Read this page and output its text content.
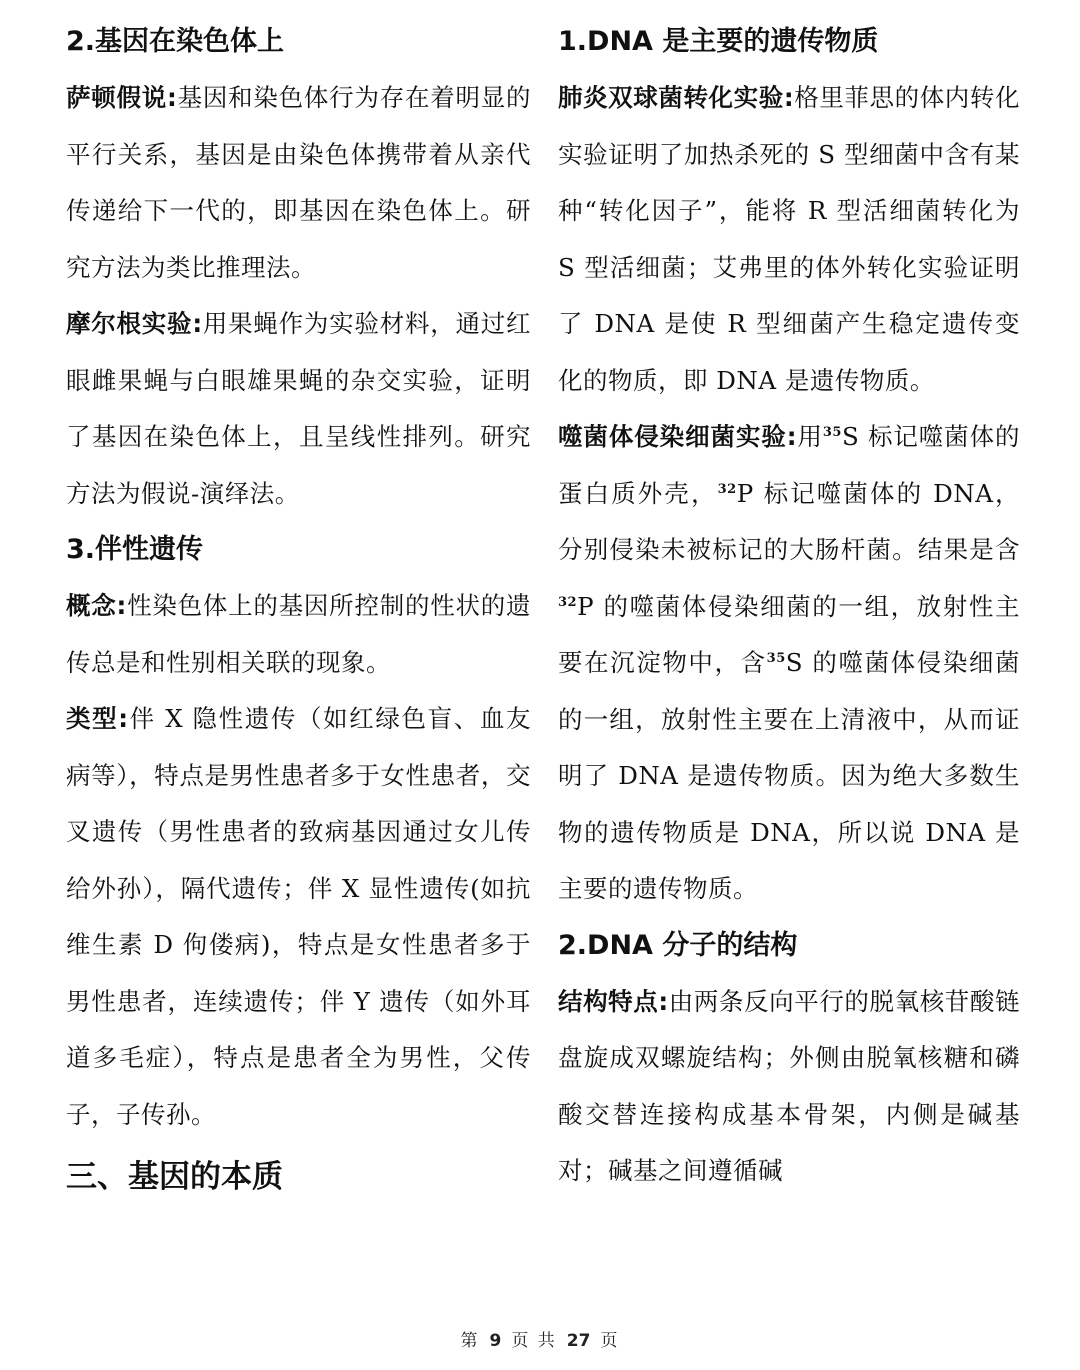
2.基因在染色体上

萨顿假说:基因和染色体行为存在着明显的平行关系，基因是由染色体携带着从亲代传递给下一代的，即基因在染色体上。研究方法为类比推理法。

摩尔根实验:用果蝇作为实验材料，通过红眼雌果蝇与白眼雄果蝇的杂交实验，证明了基因在染色体上，且呈线性排列。研究方法为假说-演绎法。

3.伴性遗传

概念:性染色体上的基因所控制的性状的遗传总是和性别相关联的现象。

类型:伴 X 隐性遗传（如红绿色盲、血友病等），特点是男性患者多于女性患者，交叉遗传（男性患者的致病基因通过女儿传给外孙），隔代遗传；伴 X 显性遗传(如抗维生素 D 佝偻病)，特点是女性患者多于男性患者，连续遗传；伴 Y 遗传（如外耳道多毛症），特点是患者全为男性，父传子，子传孙。

三、基因的本质
1.DNA 是主要的遗传物质

肺炎双球菌转化实验:格里菲思的体内转化实验证明了加热杀死的 S 型细菌中含有某种“转化因子”，能将 R 型活细菌转化为 S 型活细菌；艾弗里的体外转化实验证明了 DNA 是使 R 型细菌产生稳定遗传变化的物质，即 DNA 是遗传物质。

噬菌体侵染细菌实验:用$^{35}$S 标记噬菌体的蛋白质外壳，$^{32}$P 标记噬菌体的 DNA，分别侵染未被标记的大肠杆菌。结果是含$^{32}$P 的噬菌体侵染细菌的一组，放射性主要在沉淀物中，含$^{35}$S 的噬菌体侵染细菌的一组，放射性主要在上清液中，从而证明了 DNA 是遗传物质。因为绝大多数生物的遗传物质是 DNA，所以说 DNA 是主要的遗传物质。

2.DNA 分子的结构

结构特点:由两条反向平行的脱氧核苷酸链盘旋成双螺旋结构；外侧由脱氧核糖和磷酸交替连接构成基本骨架，内侧是碱基对；碱基之间遵循碱

第 9 页 共 27 页
